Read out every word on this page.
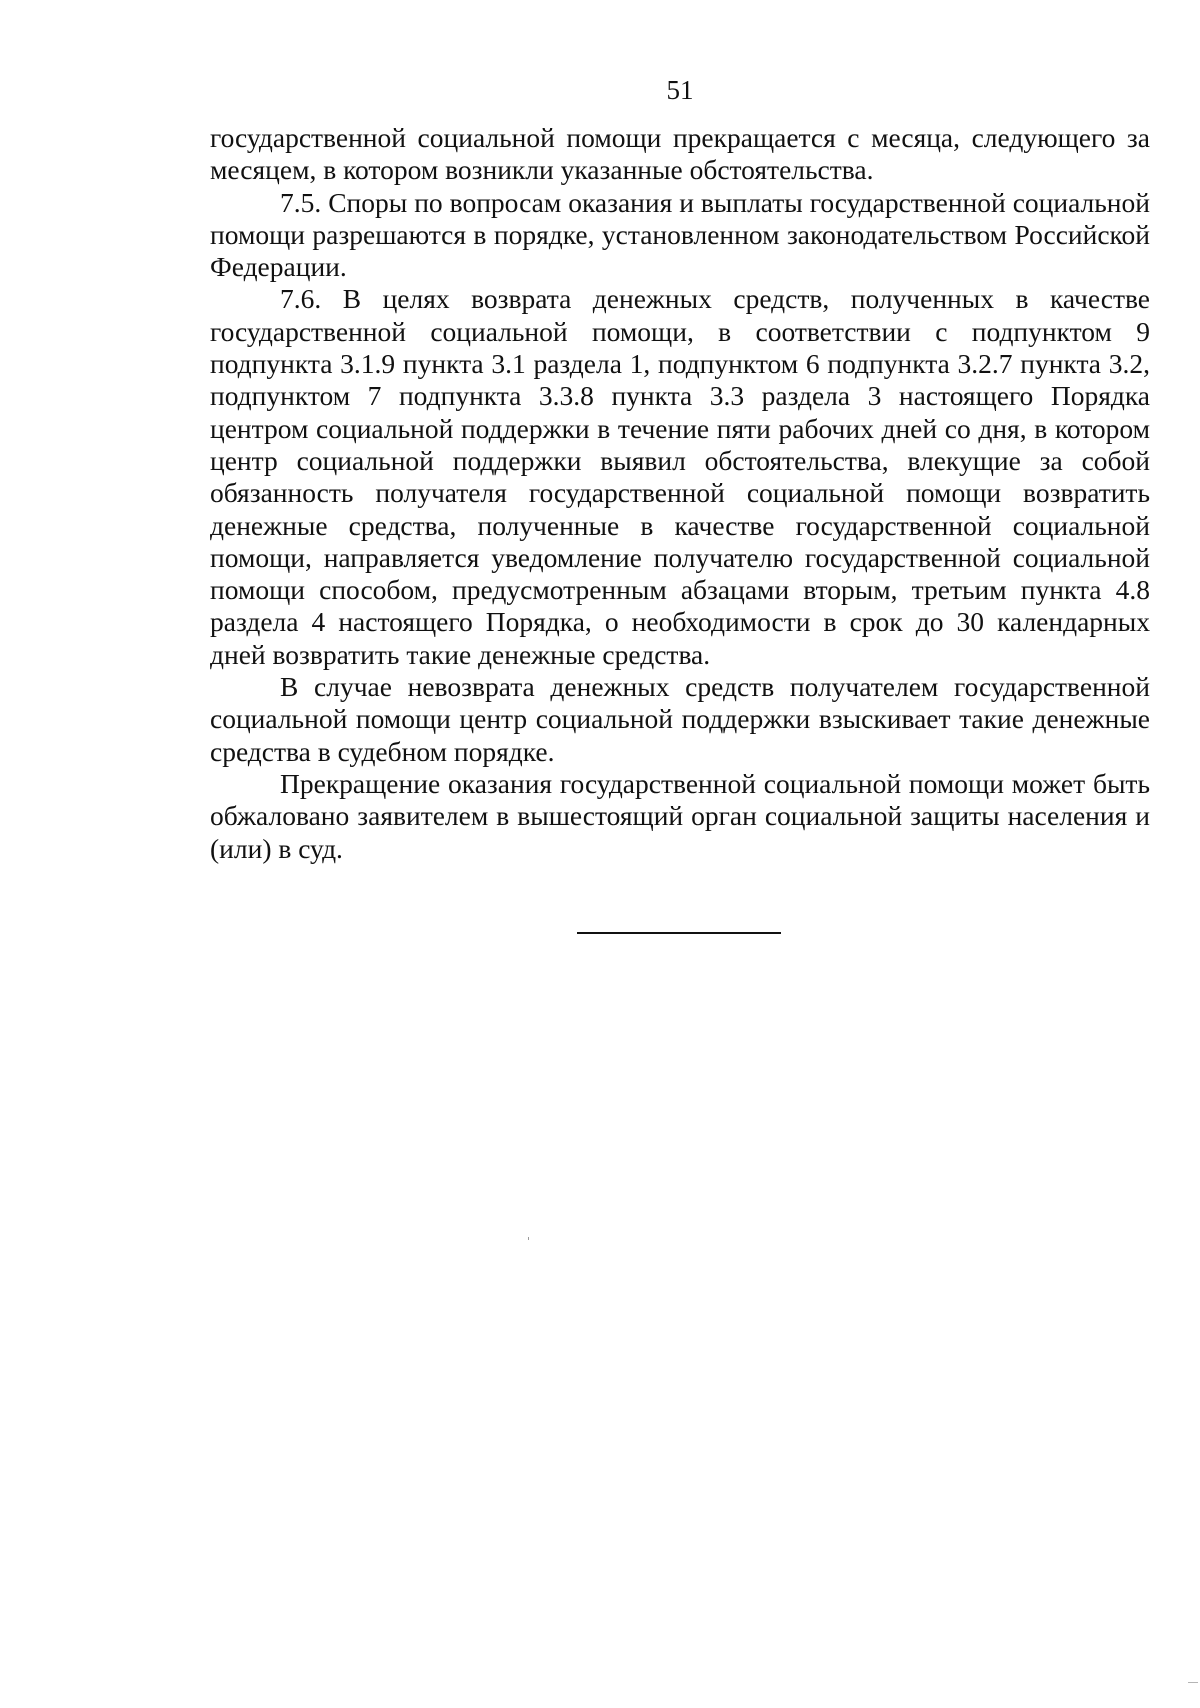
51

государственной социальной помощи прекращается с месяца, следующего за месяцем, в котором возникли указанные обстоятельства.

7.5. Споры по вопросам оказания и выплаты государственной социальной помощи разрешаются в порядке, установленном законодательством Российской Федерации.

7.6. В целях возврата денежных средств, полученных в качестве государственной социальной помощи, в соответствии с подпунктом 9 подпункта 3.1.9 пункта 3.1 раздела 1, подпунктом 6 подпункта 3.2.7 пункта 3.2, подпунктом 7 подпункта 3.3.8 пункта 3.3 раздела 3 настоящего Порядка центром социальной поддержки в течение пяти рабочих дней со дня, в котором центр социальной поддержки выявил обстоятельства, влекущие за собой обязанность получателя государственной социальной помощи возвратить денежные средства, полученные в качестве государственной социальной помощи, направляется уведомление получателю государственной социальной помощи способом, предусмотренным абзацами вторым, третьим пункта 4.8 раздела 4 настоящего Порядка, о необходимости в срок до 30 календарных дней возвратить такие денежные средства.

В случае невозврата денежных средств получателем государственной социальной помощи центр социальной поддержки взыскивает такие денежные средства в судебном порядке.

Прекращение оказания государственной социальной помощи может быть обжаловано заявителем в вышестоящий орган социальной защиты населения и (или) в суд.
